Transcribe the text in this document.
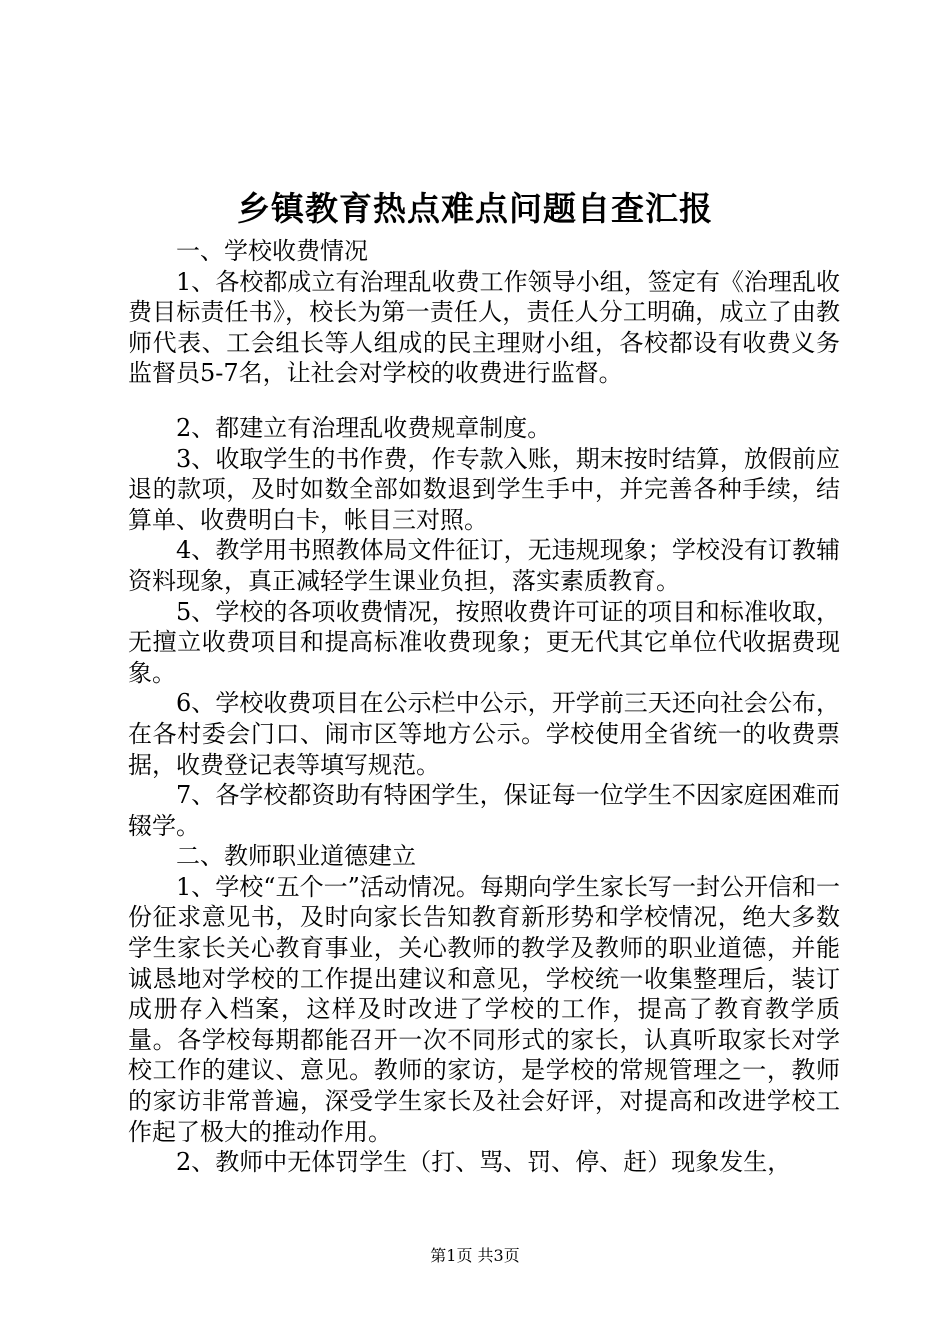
乡镇教育热点难点问题自查汇报

一、学校收费情况

1、各校都成立有治理乱收费工作领导小组，签定有《治理乱收费目标责任书》，校长为第一责任人，责任人分工明确，成立了由教师代表、工会组长等人组成的民主理财小组，各校都设有收费义务监督员5-7名，让社会对学校的收费进行监督。

2、都建立有治理乱收费规章制度。

3、收取学生的书作费，作专款入账，期末按时结算，放假前应退的款项，及时如数全部如数退到学生手中，并完善各种手续，结算单、收费明白卡，帐目三对照。

4、教学用书照教体局文件征订，无违规现象；学校没有订教辅资料现象，真正减轻学生课业负担，落实素质教育。

5、学校的各项收费情况，按照收费许可证的项目和标准收取，无擅立收费项目和提高标准收费现象；更无代其它单位代收据费现象。

6、学校收费项目在公示栏中公示，开学前三天还向社会公布，在各村委会门口、闹市区等地方公示。学校使用全省统一的收费票据，收费登记表等填写规范。

7、各学校都资助有特困学生，保证每一位学生不因家庭困难而辍学。

二、教师职业道德建立

1、学校“五个一”活动情况。每期向学生家长写一封公开信和一份征求意见书，及时向家长告知教育新形势和学校情况，绝大多数学生家长关心教育事业，关心教师的教学及教师的职业道德，并能诚恳地对学校的工作提出建议和意见，学校统一收集整理后，装订成册存入档案，这样及时改进了学校的工作，提高了教育教学质量。各学校每期都能召开一次不同形式的家长，认真听取家长对学校工作的建议、意见。教师的家访，是学校的常规管理之一，教师的家访非常普遍，深受学生家长及社会好评，对提高和改进学校工作起了极大的推动作用。

2、教师中无体罚学生（打、骂、罚、停、赶）现象发生，

第1页 共3页
